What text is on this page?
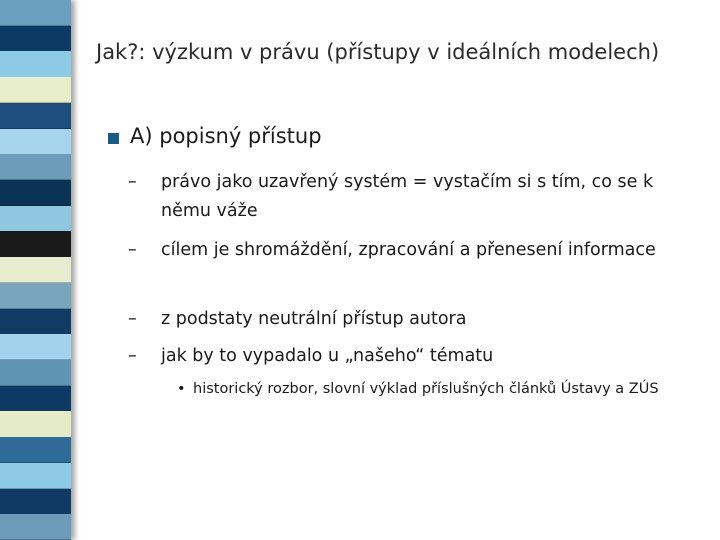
Jak?: výzkum v právu (přístupy v ideálních modelech)
A) popisný přístup
– právo jako uzavřený systém = vystačím si s tím, co se k němu váže
– cílem je shromáždění, zpracování a přenesení informace
– z podstaty neutrální přístup autora
– jak by to vypadalo u „našeho“ tématu
• historický rozbor, slovní výklad příslušných článků Ústavy a ZÚS
